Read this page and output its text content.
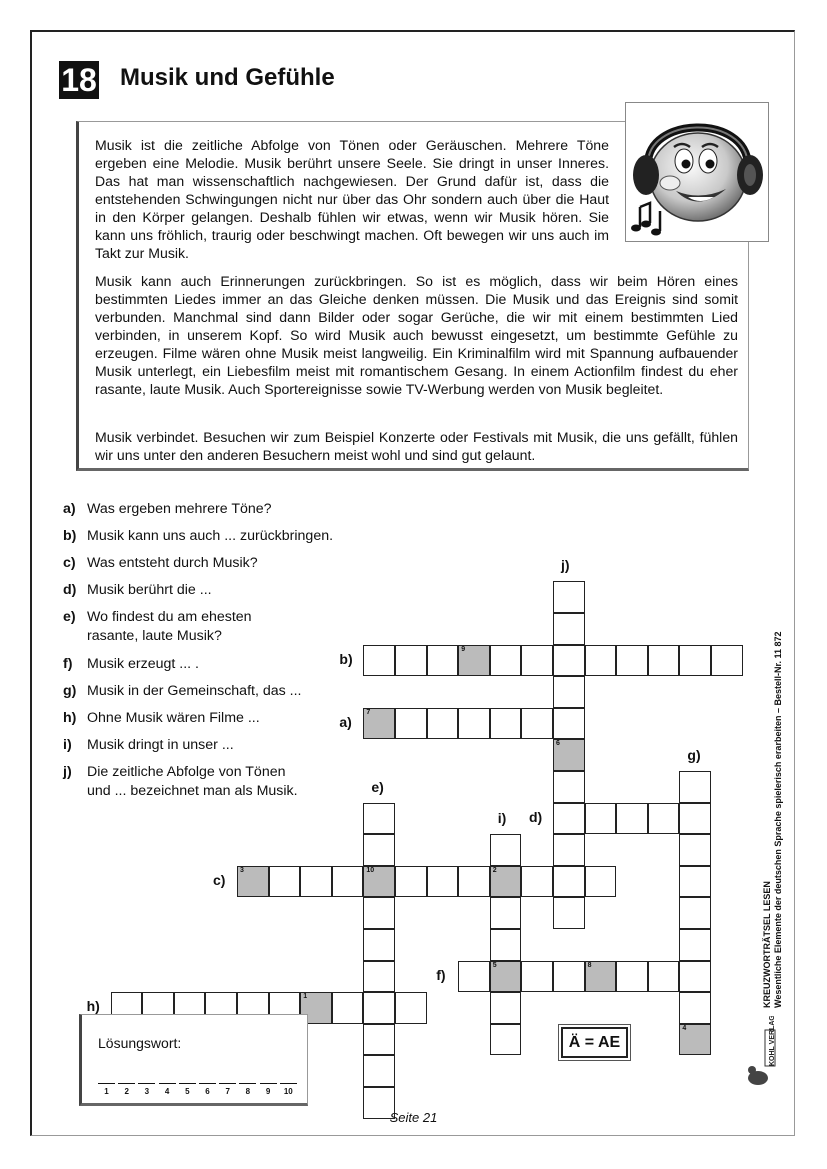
18 Musik und Gefühle

Musik ist die zeitliche Abfolge von Tönen oder Geräuschen. Mehrere Töne ergeben eine Melodie. Musik berührt unsere Seele. Sie dringt in unser Inneres. Das hat man wissenschaftlich nachgewiesen. Der Grund dafür ist, dass die entstehenden Schwingungen nicht nur über das Ohr sondern auch über die Haut in den Körper gelangen. Deshalb fühlen wir etwas, wenn wir Musik hören. Sie kann uns fröhlich, traurig oder beschwingt machen. Oft bewegen wir uns auch im Takt zur Musik.

Musik kann auch Erinnerungen zurückbringen. So ist es möglich, dass wir beim Hören eines bestimmten Liedes immer an das Gleiche denken müssen. Die Musik und das Ereignis sind somit verbunden. Manchmal sind dann Bilder oder sogar Gerüche, die wir mit einem bestimmten Lied verbinden, in unserem Kopf. So wird Musik auch bewusst eingesetzt, um bestimmte Gefühle zu erzeugen. Filme wären ohne Musik meist langweilig. Ein Kriminalfilm wird mit Spannung aufbauender Musik unterlegt, ein Liebesfilm meist mit romantischem Gesang. In einem Actionfilm findest du eher rasante, laute Musik. Auch Sportereignisse sowie TV-Werbung werden von Musik begleitet.

Musik verbindet. Besuchen wir zum Beispiel Konzerte oder Festivals mit Musik, die uns gefällt, fühlen wir uns unter den anderen Besuchern meist wohl und sind gut gelaunt.

a) Was ergeben mehrere Töne?
b) Musik kann uns auch ... zurückbringen.
c) Was entsteht durch Musik?
d) Musik berührt die ...
e) Wo findest du am ehesten
rasante, laute Musik?
f) Musik erzeugt ... .
g) Musik in der Gemeinschaft, das ...
h) Ohne Musik wären Filme ...
i) Musik dringt in unser ...
j) Die zeitliche Abfolge von Tönen
und ... bezeichnet man als Musik.
7
a)
9
b)
3	10	2
c)
d)
e)
5	8
f)
4
g)
1
h)
i)
6
j)
Lösungswort:
1	2	3	4	5	6	7	8	9	10
Ä = AE
KREUZWORTRÄTSEL LESEN Wesentliche Elemente der deutschen Sprache spielerisch erarbeiten – Bestell-Nr. 11 872
KOHL VERLAG
Seite 21
